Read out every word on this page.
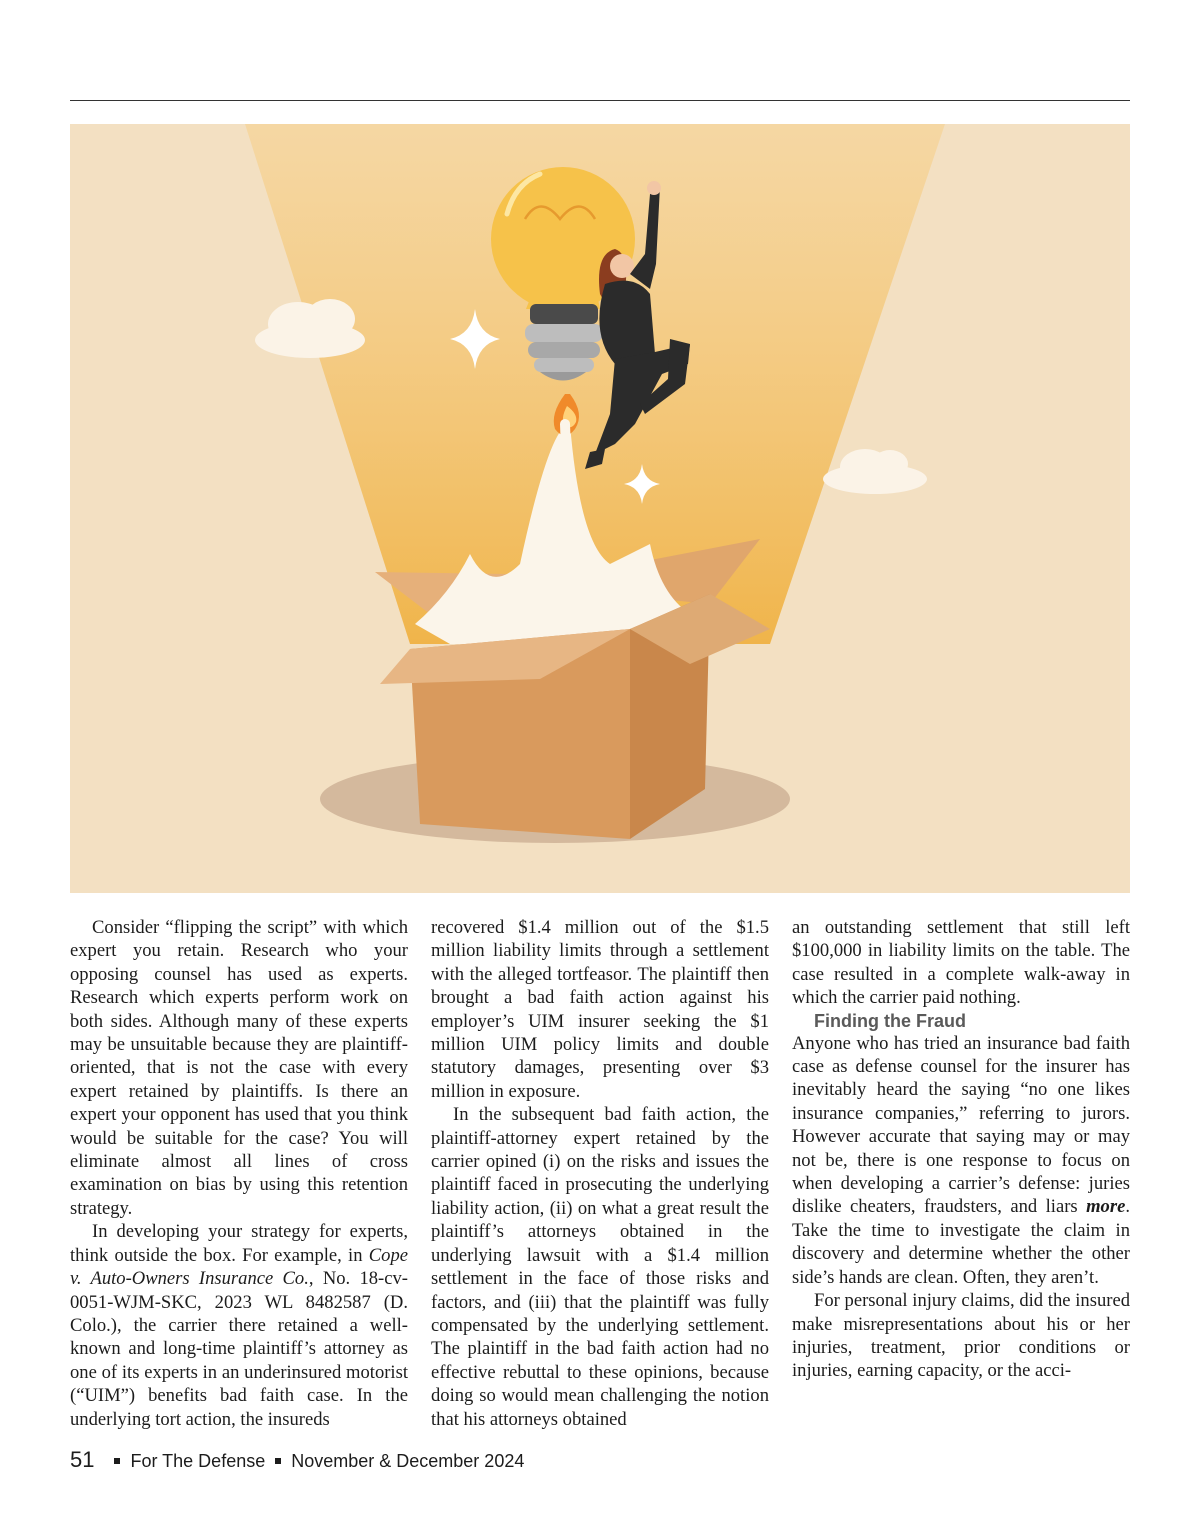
Consider “flipping the script” with which expert you retain. Research who your opposing counsel has used as experts. Research which experts perform work on both sides. Although many of these experts may be unsuitable because they are plaintiff-oriented, that is not the case with every expert retained by plaintiffs. Is there an expert your opponent has used that you think would be suitable for the case? You will eliminate almost all lines of cross examination on bias by using this retention strategy.

In developing your strategy for experts, think outside the box. For example, in Cope v. Auto-Owners Insurance Co., No. 18-cv-0051-WJM-SKC, 2023 WL 8482587 (D. Colo.), the carrier there retained a well-known and long-time plaintiff’s attorney as one of its experts in an underinsured motorist (“UIM”) benefits bad faith case. In the underlying tort action, the insureds

recovered $1.4 million out of the $1.5 million liability limits through a settlement with the alleged tortfeasor. The plaintiff then brought a bad faith action against his employer’s UIM insurer seeking the $1 million UIM policy limits and double statutory damages, presenting over $3 million in exposure.

In the subsequent bad faith action, the plaintiff-attorney expert retained by the carrier opined (i) on the risks and issues the plaintiff faced in prosecuting the underlying liability action, (ii) on what a great result the plaintiff’s attorneys obtained in the underlying lawsuit with a $1.4 million settlement in the face of those risks and factors, and (iii) that the plaintiff was fully compensated by the underlying settlement. The plaintiff in the bad faith action had no effective rebuttal to these opinions, because doing so would mean challenging the notion that his attorneys obtained

an outstanding settlement that still left $100,000 in liability limits on the table. The case resulted in a complete walk-away in which the carrier paid nothing.

Finding the Fraud

Anyone who has tried an insurance bad faith case as defense counsel for the insurer has inevitably heard the saying “no one likes insurance companies,” referring to jurors. However accurate that saying may or may not be, there is one response to focus on when developing a carrier’s defense: juries dislike cheaters, fraudsters, and liars more. Take the time to investigate the claim in discovery and determine whether the other side’s hands are clean. Often, they aren’t.

For personal injury claims, did the insured make misrepresentations about his or her injuries, treatment, prior conditions or injuries, earning capacity, or the acci-

51 For The Defense November & December 2024
